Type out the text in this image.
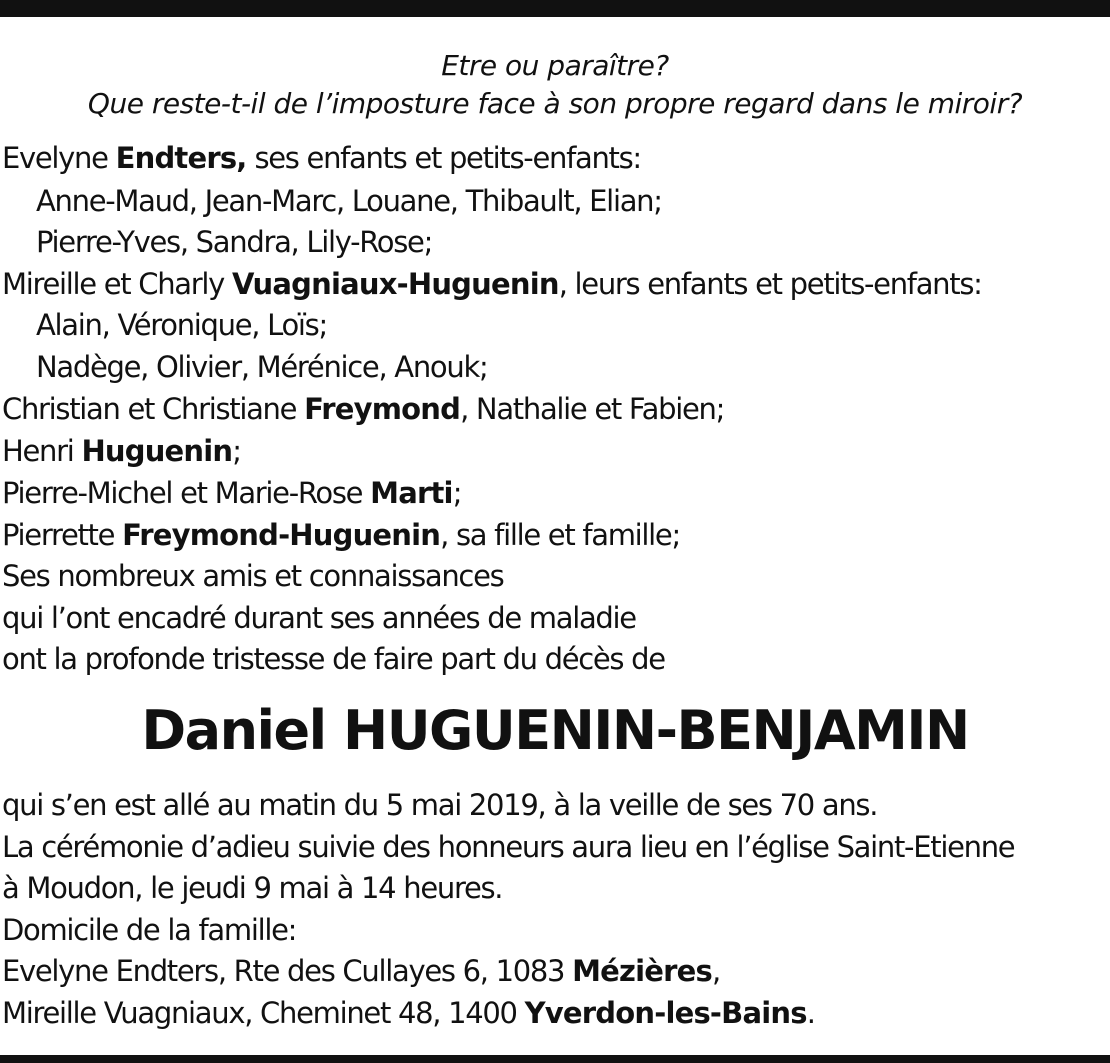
Etre ou paraître?
Que reste-t-il de l’imposture face à son propre regard dans le miroir?
Evelyne Endters, ses enfants et petits-enfants:
Anne-Maud, Jean-Marc, Louane, Thibault, Elian;
Pierre-Yves, Sandra, Lily-Rose;
Mireille et Charly Vuagniaux-Huguenin, leurs enfants et petits-enfants:
Alain, Véronique, Loïs;
Nadège, Olivier, Mérénice, Anouk;
Christian et Christiane Freymond, Nathalie et Fabien;
Henri Huguenin;
Pierre-Michel et Marie-Rose Marti;
Pierrette Freymond-Huguenin, sa fille et famille;
Ses nombreux amis et connaissances
qui l’ont encadré durant ses années de maladie
ont la profonde tristesse de faire part du décès de
Daniel HUGUENIN-BENJAMIN
qui s’en est allé au matin du 5 mai 2019, à la veille de ses 70 ans.
La cérémonie d’adieu suivie des honneurs aura lieu en l’église Saint-Etienne
à Moudon, le jeudi 9 mai à 14 heures.
Domicile de la famille:
Evelyne Endters, Rte des Cullayes 6, 1083 Mézières,
Mireille Vuagniaux, Cheminet 48, 1400 Yverdon-les-Bains.
